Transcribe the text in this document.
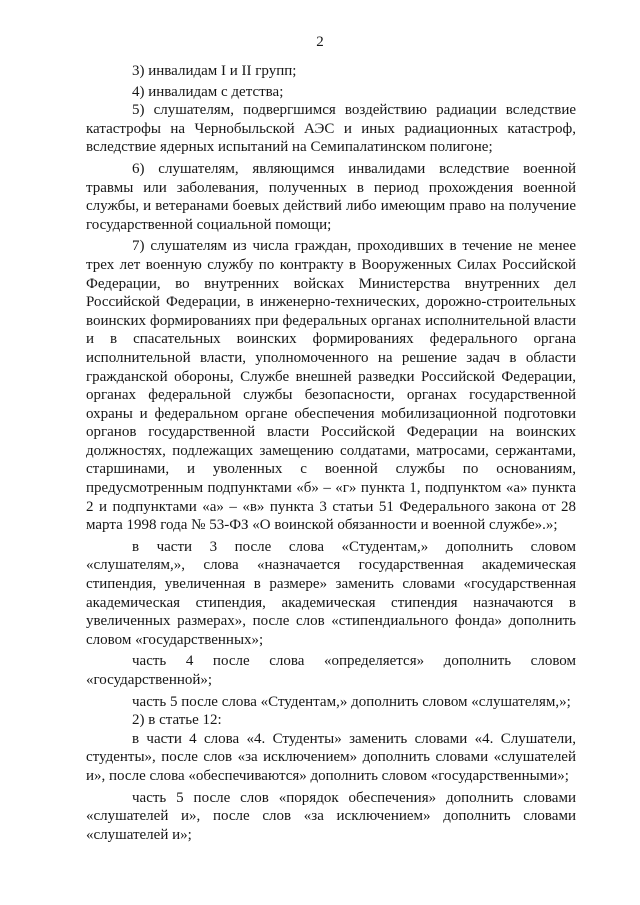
2

3) инвалидам I и II групп;

4) инвалидам с детства;

5) слушателям, подвергшимся воздействию радиации вследствие катастрофы на Чернобыльской АЭС и иных радиационных катастроф, вследствие ядерных испытаний на Семипалатинском полигоне;

6) слушателям, являющимся инвалидами вследствие военной травмы или заболевания, полученных в период прохождения военной службы, и ветеранами боевых действий либо имеющим право на получение государственной социальной помощи;

7) слушателям из числа граждан, проходивших в течение не менее трех лет военную службу по контракту в Вооруженных Силах Российской Федерации, во внутренних войсках Министерства внутренних дел Российской Федерации, в инженерно-технических, дорожно-строительных воинских формированиях при федеральных органах исполнительной власти и в спасательных воинских формированиях федерального органа исполнительной власти, уполномоченного на решение задач в области гражданской обороны, Службе внешней разведки Российской Федерации, органах федеральной службы безопасности, органах государственной охраны и федеральном органе обеспечения мобилизационной подготовки органов государственной власти Российской Федерации на воинских должностях, подлежащих замещению солдатами, матросами, сержантами, старшинами, и уволенных с военной службы по основаниям, предусмотренным подпунктами «б» – «г» пункта 1, подпунктом «а» пункта 2 и подпунктами «а» – «в» пункта 3 статьи 51 Федерального закона от 28 марта 1998 года № 53-ФЗ «О воинской обязанности и военной службе».»;

в части 3 после слова «Студентам,» дополнить словом «слушателям,», слова «назначается государственная академическая стипендия, увеличенная в размере» заменить словами «государственная академическая стипендия, академическая стипендия назначаются в увеличенных размерах», после слов «стипендиального фонда» дополнить словом «государственных»;

часть 4 после слова «определяется» дополнить словом «государственной»;

часть 5 после слова «Студентам,» дополнить словом «слушателям,»;

2) в статье 12:

в части 4 слова «4. Студенты» заменить словами «4. Слушатели, студенты», после слов «за исключением» дополнить словами «слушателей и», после слова «обеспечиваются» дополнить словом «государственными»;

часть 5 после слов «порядок обеспечения» дополнить словами «слушателей и», после слов «за исключением» дополнить словами «слушателей и»;
